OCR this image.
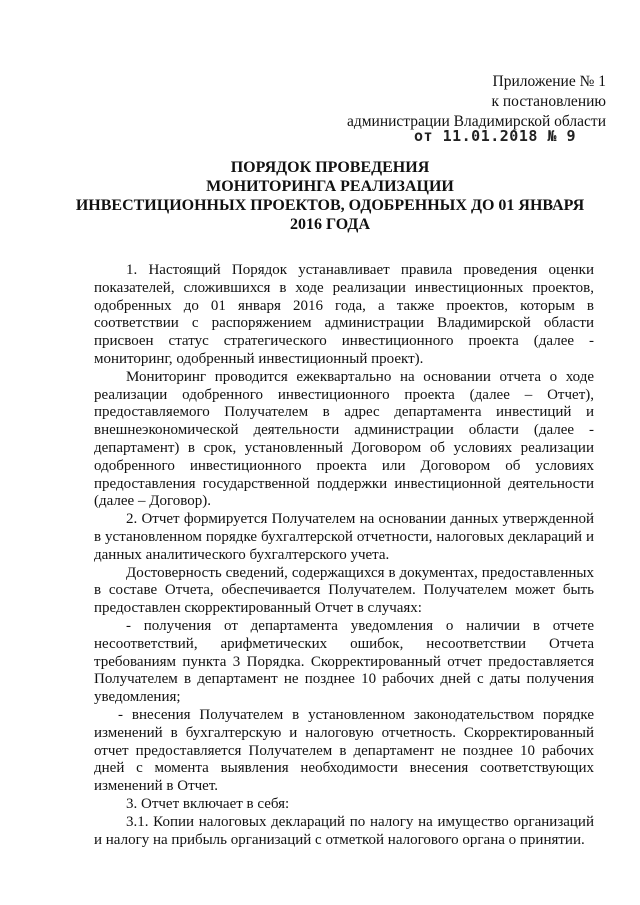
Приложение № 1
к постановлению
администрации Владимирской области
от 11.01.2018 № 9
ПОРЯДОК ПРОВЕДЕНИЯ
МОНИТОРИНГА РЕАЛИЗАЦИИ
ИНВЕСТИЦИОННЫХ ПРОЕКТОВ, ОДОБРЕННЫХ ДО 01 ЯНВАРЯ
2016 ГОДА

1. Настоящий Порядок устанавливает правила проведения оценки показателей, сложившихся в ходе реализации инвестиционных проектов, одобренных до 01 января 2016 года, а также проектов, которым в соответствии с распоряжением администрации Владимирской области присвоен статус стратегического инвестиционного проекта (далее - мониторинг, одобренный инвестиционный проект).

Мониторинг проводится ежеквартально на основании отчета о ходе реализации одобренного инвестиционного проекта (далее – Отчет), предоставляемого Получателем в адрес департамента инвестиций и внешнеэкономической деятельности администрации области (далее - департамент) в срок, установленный Договором об условиях реализации одобренного инвестиционного проекта или Договором об условиях предоставления государственной поддержки инвестиционной деятельности (далее – Договор).

2. Отчет формируется Получателем на основании данных утвержденной в установленном порядке бухгалтерской отчетности, налоговых деклараций и данных аналитического бухгалтерского учета.

Достоверность сведений, содержащихся в документах, предоставленных в составе Отчета, обеспечивается Получателем. Получателем может быть предоставлен скорректированный Отчет в случаях:

- получения от департамента уведомления о наличии в отчете несоответствий, арифметических ошибок, несоответствии Отчета требованиям пункта 3 Порядка. Скорректированный отчет предоставляется Получателем в департамент не позднее 10 рабочих дней с даты получения уведомления;

- внесения Получателем в установленном законодательством порядке изменений в бухгалтерскую и налоговую отчетность. Скорректированный отчет предоставляется Получателем в департамент не позднее 10 рабочих дней с момента выявления необходимости внесения соответствующих изменений в Отчет.

3. Отчет включает в себя:

3.1. Копии налоговых деклараций по налогу на имущество организаций и налогу на прибыль организаций с отметкой налогового органа о принятии.
